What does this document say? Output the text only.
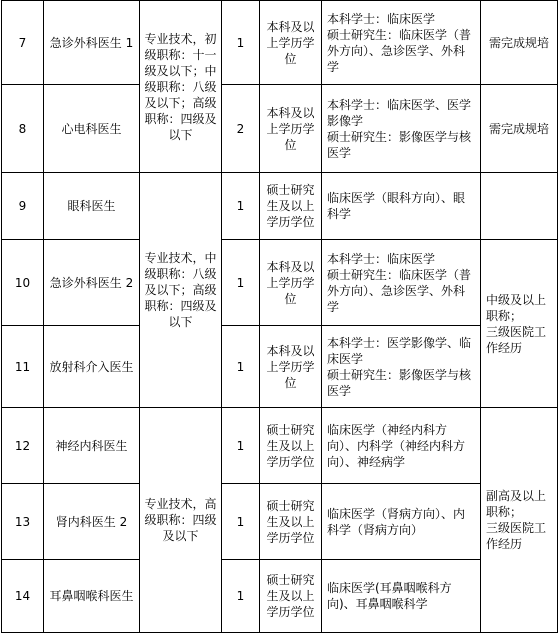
7	急诊外科医生 1	专业技术，初级职称：十一级及以下；中级职称：八级及以下；高级职称：四级及以下	1	本科及以上学历学位	本科学士：临床医学
硕士研究生：临床医学（普外方向）、急诊医学、外科学	需完成规培
8	心电科医生		2	本科及以上学历学位	本科学士：临床医学、医学影像学
硕士研究生：影像医学与核医学	需完成规培
9	眼科医生	专业技术，中级职称：八级及以下；高级职称：四级及以下	1	硕士研究生及以上学历学位	临床医学（眼科方向）、眼科学	
10	急诊外科医生 2		1	本科及以上学历学位	本科学士：临床医学
硕士研究生：临床医学（普外方向）、急诊医学、外科学	中级及以上职称；
三级医院工作经历
11	放射科介入医生		1	本科及以上学历学位	本科学士：医学影像学、临床医学
硕士研究生：影像医学与核医学	
12	神经内科医生	专业技术，高级职称：四级及以下	1	硕士研究生及以上学历学位	临床医学（神经内科方向）、内科学（神经内科方向）、神经病学	副高及以上职称；
三级医院工作经历
13	肾内科医生 2		1	硕士研究生及以上学历学位	临床医学（肾病方向）、内科学（肾病方向）	
14	耳鼻咽喉科医生		1	硕士研究生及以上学历学位	临床医学(耳鼻咽喉科方向)、耳鼻咽喉科学	
